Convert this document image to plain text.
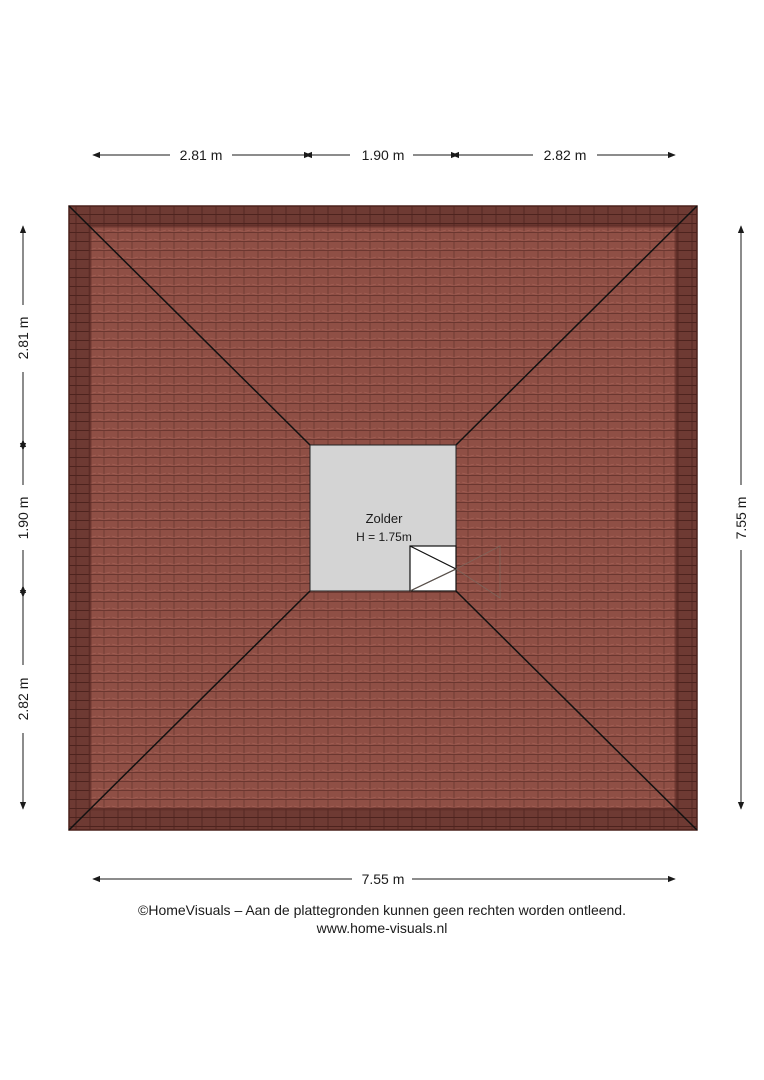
Zolder
H = 1.75m
2.81 m	1.90 m	2.82 m
2.81 m
1.90 m
2.82 m
7.55 m
7.55 m
©HomeVisuals – Aan de plattegronden kunnen geen rechten worden ontleend.
www.home-visuals.nl
